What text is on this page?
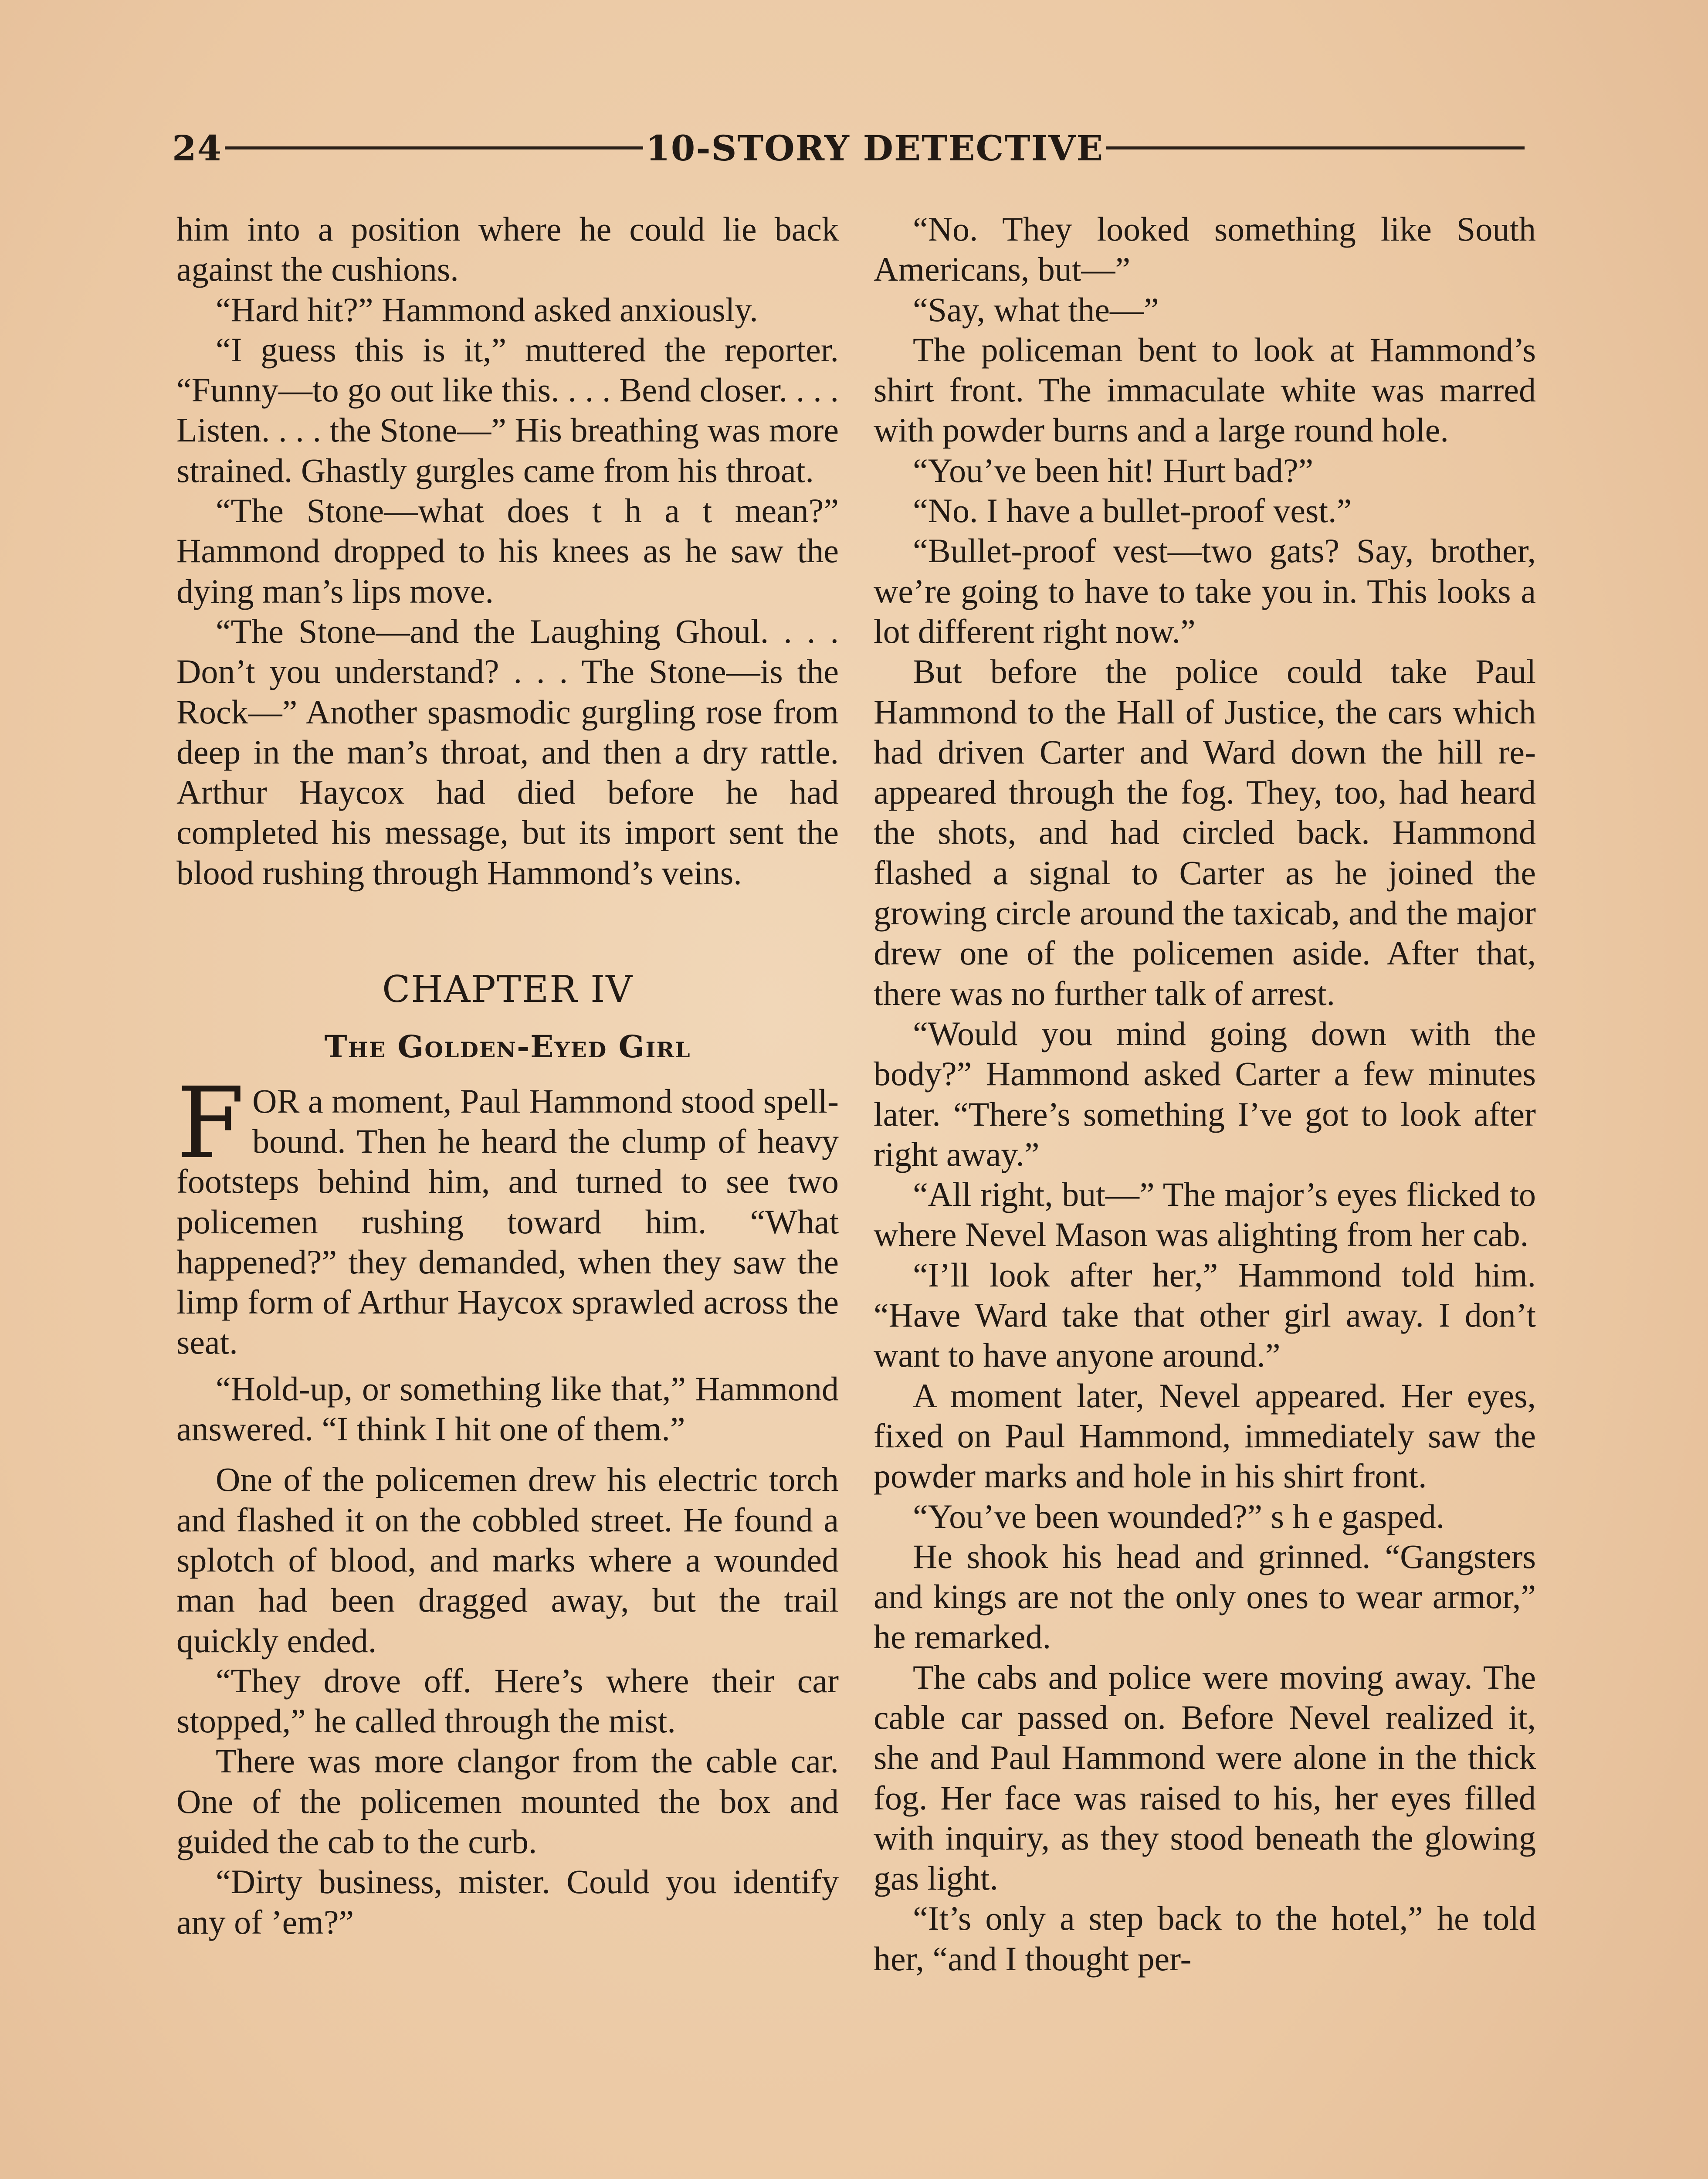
24	10-STORY DETECTIVE

him into a position where he could lie back against the cushions.

“Hard hit?” Hammond asked anxiously.

“I guess this is it,” muttered the reporter. “Funny—to go out like this. . . . Bend closer. . . . Listen. . . . the Stone—” His breathing was more strained. Ghastly gurgles came from his throat.

“The Stone—what does t h a t mean?” Hammond dropped to his knees as he saw the dying man’s lips move.

“The Stone—and the Laughing Ghoul. . . . Don’t you understand? . . . The Stone—is the Rock—” Another spasmodic gurgling rose from deep in the man’s throat, and then a dry rattle. Arthur Haycox had died before he had completed his message, but its import sent the blood rushing through Hammond’s veins.

CHAPTER IV
The Golden-Eyed Girl

FOR a moment, Paul Hammond stood spell-bound. Then he heard the clump of heavy footsteps behind him, and turned to see two policemen rushing toward him. “What happened?” they demanded, when they saw the limp form of Arthur Haycox sprawled across the seat.

“Hold-up, or something like that,” Hammond answered. “I think I hit one of them.”

One of the policemen drew his electric torch and flashed it on the cobbled street. He found a splotch of blood, and marks where a wounded man had been dragged away, but the trail quickly ended.

“They drove off. Here’s where their car stopped,” he called through the mist.

There was more clangor from the cable car. One of the policemen mounted the box and guided the cab to the curb.

“Dirty business, mister. Could you identify any of ’em?”

“No. They looked something like South Americans, but—”

“Say, what the—”

The policeman bent to look at Hammond’s shirt front. The immaculate white was marred with powder burns and a large round hole.

“You’ve been hit! Hurt bad?”

“No. I have a bullet-proof vest.”

“Bullet-proof vest—two gats? Say, brother, we’re going to have to take you in. This looks a lot different right now.”

But before the police could take Paul Hammond to the Hall of Justice, the cars which had driven Carter and Ward down the hill re-appeared through the fog. They, too, had heard the shots, and had circled back. Hammond flashed a signal to Carter as he joined the growing circle around the taxicab, and the major drew one of the policemen aside. After that, there was no further talk of arrest.

“Would you mind going down with the body?” Hammond asked Carter a few minutes later. “There’s something I’ve got to look after right away.”

“All right, but—” The major’s eyes flicked to where Nevel Mason was alighting from her cab.

“I’ll look after her,” Hammond told him. “Have Ward take that other girl away. I don’t want to have anyone around.”

A moment later, Nevel appeared. Her eyes, fixed on Paul Hammond, immediately saw the powder marks and hole in his shirt front.

“You’ve been wounded?” s h e gasped.

He shook his head and grinned. “Gangsters and kings are not the only ones to wear armor,” he remarked.

The cabs and police were moving away. The cable car passed on. Before Nevel realized it, she and Paul Hammond were alone in the thick fog. Her face was raised to his, her eyes filled with inquiry, as they stood beneath the glowing gas light.

“It’s only a step back to the hotel,” he told her, “and I thought per-
